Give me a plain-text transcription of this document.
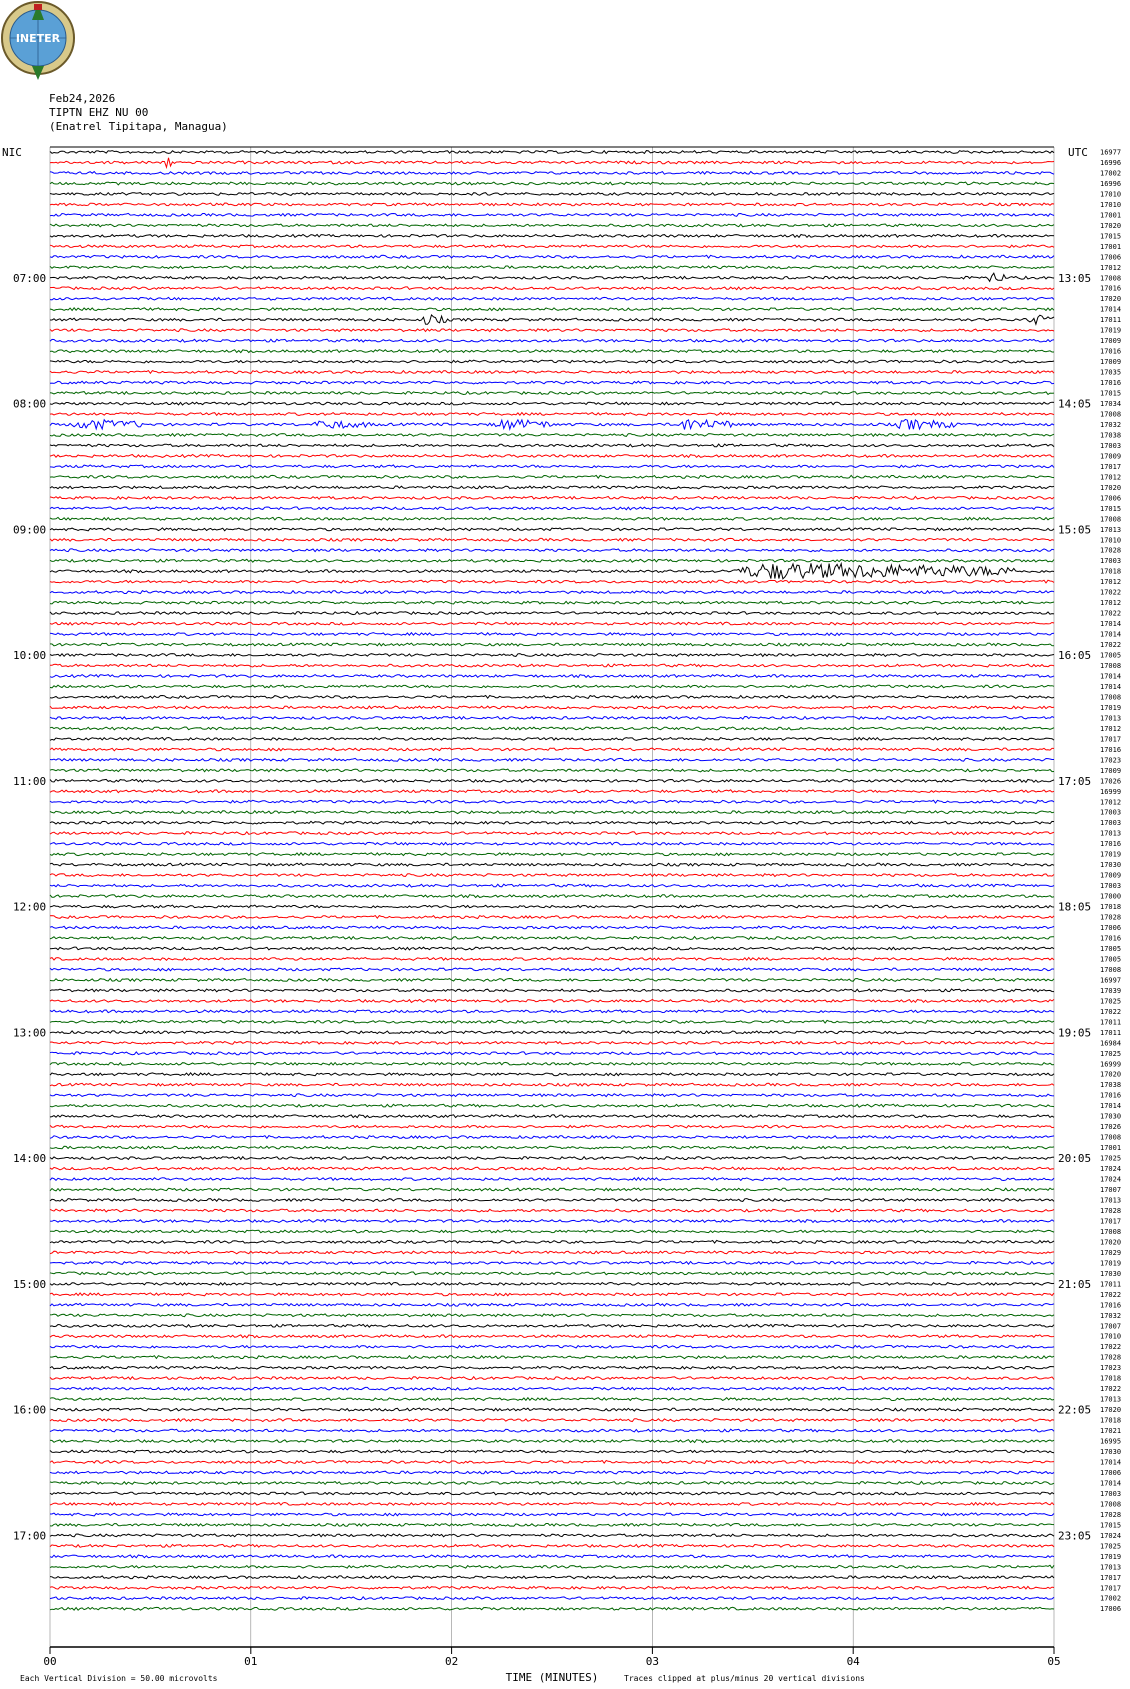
INETER
Feb24,2026
TIPTN EHZ NU 00
(Enatrel Tipitapa, Managua)
00	01	02	03	04	05
07:00
08:00
09:00
10:00
11:00
12:00
13:00
14:00
15:00
16:00
17:00
13:05
14:05
15:05
16:05
17:05
18:05
19:05
20:05
21:05
22:05
23:05
16977
16996
17002
16996
17010
17010
17001
17020
17015
17001
17006
17012
17008
17016
17020
17014
17011
17019
17009
17016
17009
17035
17016
17015
17034
17008
17032
17038
17003
17009
17017
17012
17020
17006
17015
17008
17013
17010
17028
17003
17018
17012
17022
17012
17022
17014
17014
17022
17005
17008
17014
17014
17008
17019
17013
17012
17017
17016
17023
17009
17026
16999
17012
17003
17003
17013
17016
17019
17030
17009
17003
17000
17018
17028
17006
17016
17005
17005
17008
16997
17039
17025
17022
17011
17011
16984
17025
16999
17020
17038
17016
17014
17030
17026
17008
17001
17025
17024
17024
17007
17013
17028
17017
17008
17020
17029
17019
17030
17011
17022
17016
17032
17007
17010
17022
17028
17023
17018
17022
17013
17020
17018
17021
16995
17030
17014
17006
17014
17003
17008
17028
17015
17024
17025
17019
17013
17017
17017
17002
17006
NIC	UTC
TIME (MINUTES)
Each Vertical Division = 50.00 microvolts	Traces clipped at plus/minus 20 vertical divisions
